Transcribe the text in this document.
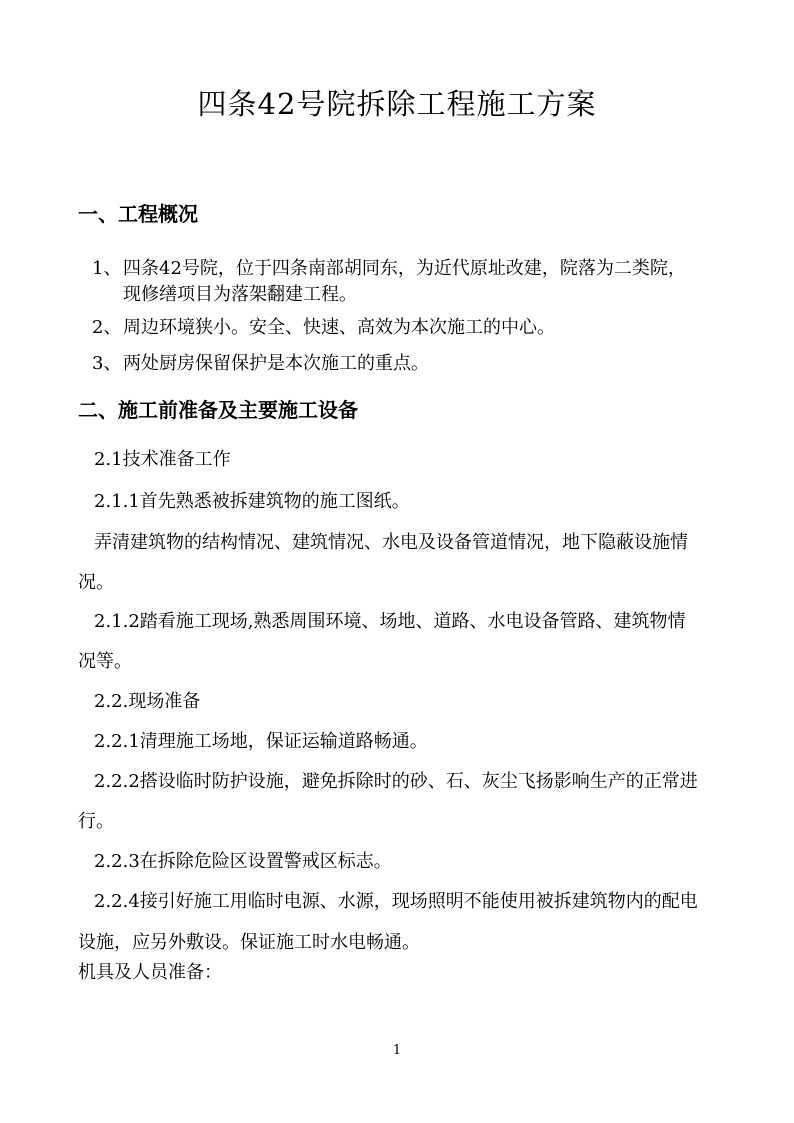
四条42号院拆除工程施工方案
一、工程概况
1、 四条42号院，位于四条南部胡同东，为近代原址改建，院落为二类院，
现修缮项目为落架翻建工程。
2、 周边环境狭小。安全、快速、高效为本次施工的中心。
3、 两处厨房保留保护是本次施工的重点。
二、施工前准备及主要施工设备
2.1技术准备工作
2.1.1首先熟悉被拆建筑物的施工图纸。
弄清建筑物的结构情况、建筑情况、水电及设备管道情况，地下隐蔽设施情
况。
2.1.2踏看施工现场,熟悉周围环境、场地、道路、水电设备管路、建筑物情
况等。
2.2.现场准备
2.2.1清理施工场地，保证运输道路畅通。
2.2.2搭设临时防护设施，避免拆除时的砂、石、灰尘飞扬影响生产的正常进
行。
2.2.3在拆除危险区设置警戒区标志。
2.2.4接引好施工用临时电源、水源，现场照明不能使用被拆建筑物内的配电
设施，应另外敷设。保证施工时水电畅通。
机具及人员准备：
1
